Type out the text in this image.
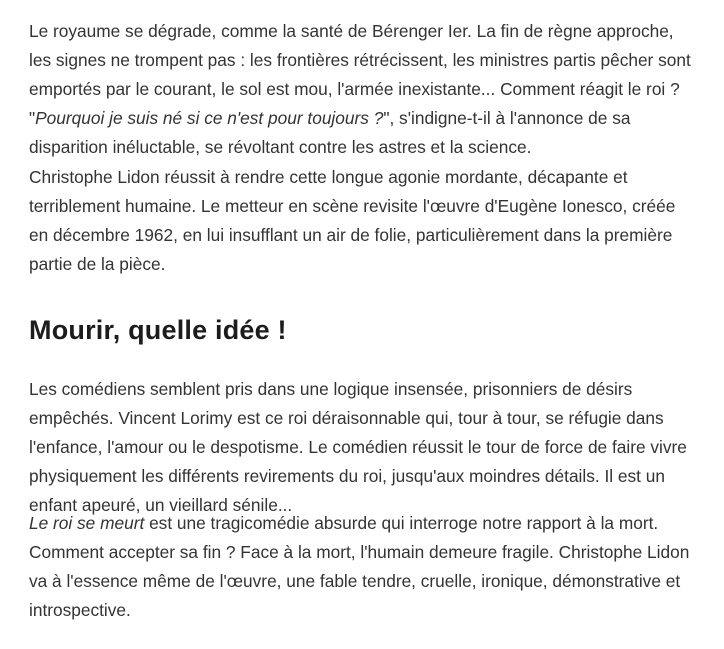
Le royaume se dégrade, comme la santé de Bérenger Ier. La fin de règne approche, les signes ne trompent pas : les frontières rétrécissent, les ministres partis pêcher sont emportés par le courant, le sol est mou, l'armée inexistante... Comment réagit le roi ? "Pourquoi je suis né si ce n'est pour toujours ?", s'indigne-t-il à l'annonce de sa disparition inéluctable, se révoltant contre les astres et la science.

Christophe Lidon réussit à rendre cette longue agonie mordante, décapante et terriblement humaine. Le metteur en scène revisite l'œuvre d'Eugène Ionesco, créée en décembre 1962, en lui insufflant un air de folie, particulièrement dans la première partie de la pièce.

Mourir, quelle idée !

Les comédiens semblent pris dans une logique insensée, prisonniers de désirs empêchés. Vincent Lorimy est ce roi déraisonnable qui, tour à tour, se réfugie dans l'enfance, l'amour ou le despotisme. Le comédien réussit le tour de force de faire vivre physiquement les différents revirements du roi, jusqu'aux moindres détails. Il est un enfant apeuré, un vieillard sénile...

Le roi se meurt est une tragicomédie absurde qui interroge notre rapport à la mort. Comment accepter sa fin ? Face à la mort, l'humain demeure fragile. Christophe Lidon va à l'essence même de l'œuvre, une fable tendre, cruelle, ironique, démonstrative et introspective.
